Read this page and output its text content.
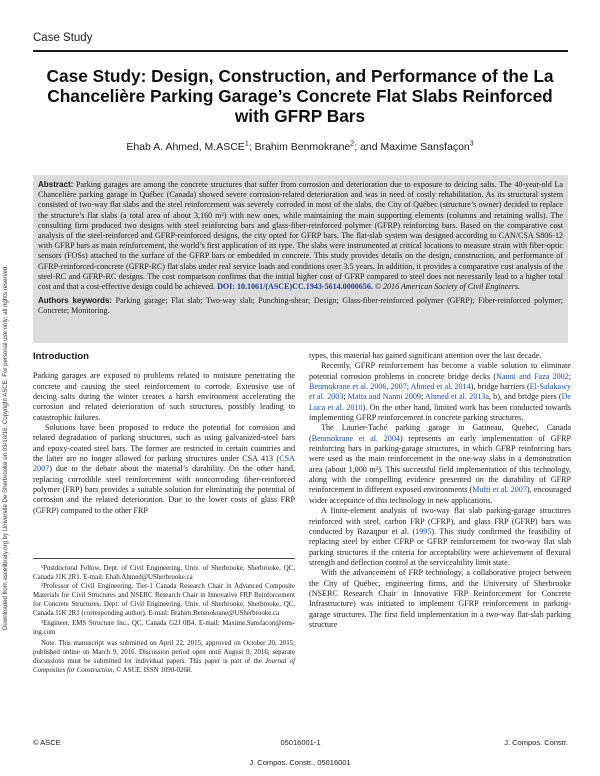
Downloaded from ascelibrary.org by Universite De Sherbrooke on 03/10/16. Copyright ASCE. For personal use only; all rights reserved.
Case Study
Case Study: Design, Construction, and Performance of the La Chancelière Parking Garage’s Concrete Flat Slabs Reinforced with GFRP Bars
Ehab A. Ahmed, M.ASCE$^1$; Brahim Benmokrane$^2$; and Maxime Sansfaçon$^3$
Abstract: Parking garages are among the concrete structures that suffer from corrosion and deterioration due to exposure to deicing salts. The 40-year-old La Chancelière parking garage in Québec (Canada) showed severe corrosion-related deterioration and was in need of costly rehabilitation. As its structural system consisted of two-way flat slabs and the steel reinforcement was severely corroded in most of the slabs, the City of Québec (structure’s owner) decided to replace the structure’s flat slabs (a total area of about 3,160 m²) with new ones, while maintaining the main supporting elements (columns and retaining walls). The consulting firm produced two designs with steel reinforcing bars and glass-fiber-reinforced polymer (GFRP) reinforcing bars. Based on the comparative cost analysis of the steel-reinforced and GFRP-reinforced designs, the city opted for GFRP bars. The flat-slab system was designed according to CAN/CSA S806-12 with GFRP bars as main reinforcement, the world’s first application of its type. The slabs were instrumented at critical locations to measure strain with fiber-optic sensors (FOSs) attached to the surface of the GFRP bars or embedded in concrete. This study provides details on the design, construction, and performance of GFRP-reinforced-concrete (GFRP-RC) flat slabs under real service loads and conditions over 3.5 years. In addition, it provides a comparative cost analysis of the steel-RC and GFRP-RC designs. The cost comparison confirms that the initial higher cost of GFRP compared to steel does not necessarily lead to a higher total cost and that a cost-effective design could be achieved. DOI: 10.1061/(ASCE)CC.1943-5614.0000656. © 2016 American Society of Civil Engineers.
Authors keywords: Parking garage; Flat slab; Two-way slab; Punching-shear; Design; Glass-fiber-reinforced polymer (GFRP); Fiber-reinforced polymer; Concrete; Monitoring.
Introduction

Parking garages are exposed to problems related to moisture penetrating the concrete and causing the steel reinforcement to corrode. Extensive use of deicing salts during the winter creates a harsh environment accelerating the corrosion and related deterioration of such structures, possibly leading to catastrophic failures.

Solutions have been proposed to reduce the potential for corrosion and related degradation of parking structures, such as using galvanized-steel bars and epoxy-coated steel bars. The former are restricted in certain countries and the latter are no longer allowed for parking structures under CSA 413 (CSA 2007) due to the debate about the material’s durability. On the other hand, replacing corrodible steel reinforcement with noncorroding fiber-reinforced polymer (FRP) bars provides a suitable solution for eliminating the potential of corrosion and the related deterioration. Due to the lower costs of glass FRP (GFRP) compared to the other FRP

¹Postdoctoral Fellow, Dept. of Civil Engineering, Univ. of Sherbrooke, Sherbrooke, QC, Canada J1K 2R1. E-mail: Ehab.Ahmed@USherbrooke.ca

²Professor of Civil Engineering, Tier-1 Canada Research Chair in Advanced Composite Materials for Civil Structures and NSERC Research Chair in Innovative FRP Reinforcement for Concrete Structures, Dept. of Civil Engineering, Univ. of Sherbrooke, Sherbrooke, QC, Canada J1K 2R1 (corresponding author). E-mail: Brahim.Benmokrane@USherbrooke.ca

³Engineer, EMS Structure Inc., QC, Canada G2J 0B4. E-mail: Maxime.Sansfacon@ems-ing.com

Note. This manuscript was submitted on April 22, 2015; approved on October 20, 2015; published online on March 9, 2016. Discussion period open until August 9, 2016; separate discussions must be submitted for individual papers. This paper is part of the Journal of Composites for Construction, © ASCE, ISSN 1090-0268.

types, this material has gained significant attention over the last decade.

Recently, GFRP reinforcement has become a viable solution to eliminate potential corrosion problems in concrete bridge decks (Nanni and Faza 2002; Benmokrane et al. 2006, 2007; Ahmed et al. 2014), bridge barriers (El-Salakawy et al. 2003; Matta and Nanni 2009; Ahmed et al. 2013a, b), and bridge piers (De Luca et al. 2010). On the other hand, limited work has been conducted towards implementing GFRP reinforcement in concrete parking structures.

The Laurier-Taché parking garage in Gatineau, Quebec, Canada (Benmokrane et al. 2004) represents an early implementation of GFRP reinforcing bars in parking-garage structures, in which GFRP reinforcing bars were used as the main reinforcement in the one-way slabs in a demonstration area (about 1,000 m²). This successful field implementation of this technology, along with the compelling evidence presented on the durability of GFRP reinforcement in different exposed environments (Mufti et al. 2007), encouraged wider acceptance of this technology in new applications.

A finite-element analysis of two-way flat slab parking-garage structures reinforced with steel, carbon FRP (CFRP), and glass FRP (GFRP) bars was conducted by Razaqpur et al. (1995). This study confirmed the feasibility of replacing steel by either CFRP or GFRP reinforcement for two-way flat slab parking structures if the criteria for acceptability were achievement of flexural strength and deflection control at the serviceability limit state.

With the advancement of FRP technology, a collaborative project between the City of Québec, engineering firms, and the University of Sherbrooke (NSERC Research Chair in Innovative FRP Reinforcement for Concrete Infrastructure) was initiated to implement GFRP reinforcement in parking-garage structures. The first field implementation in a two-way flat-slab parking structure

© ASCE	05016001-1	J. Compos. Constr.
J. Compos. Constr., 05016001
